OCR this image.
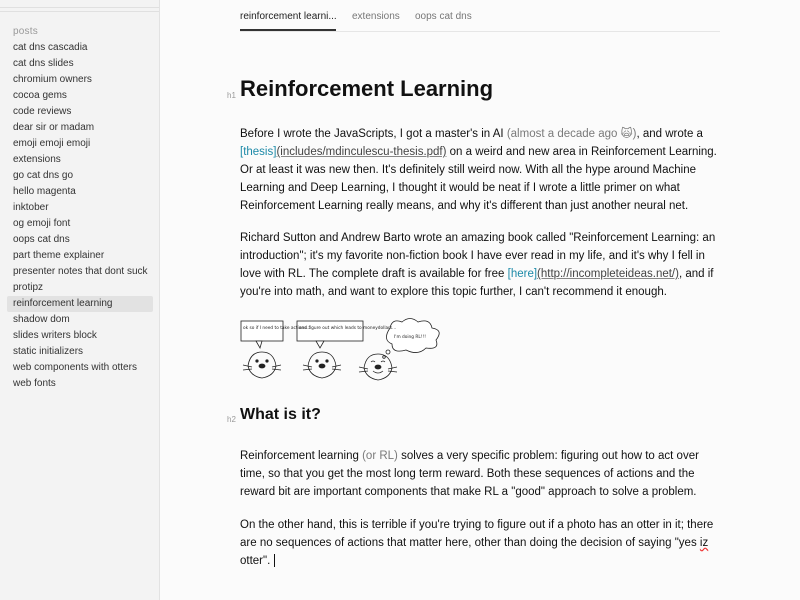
posts
cat dns cascadia
cat dns slides
chromium owners
cocoa gems
code reviews
dear sir or madam
emoji emoji emoji
extensions
go cat dns go
hello magenta
inktober
og emoji font
oops cat dns
part theme explainer
presenter notes that dont suck
protipz
reinforcement learning
shadow dom
slides writers block
static initializers
web components with otters
web fonts
reinforcement learni... extensions oops cat dns
h1
h2
Reinforcement Learning

Before I wrote the JavaScripts, I got a master's in AI (almost a decade ago 🙀), and wrote a [thesis](includes/mdinculescu-thesis.pdf) on a weird and new area in Reinforcement Learning. Or at least it was new then. It's definitely still weird now. With all the hype around Machine Learning and Deep Learning, I thought it would be neat if I wrote a little primer on what Reinforcement Learning really means, and why it's different than just another neural net.

Richard Sutton and Andrew Barto wrote an amazing book called "Reinforcement Learning: an introduction"; it's my favorite non-fiction book I have ever read in my life, and it's why I fell in love with RL. The complete draft is available for free [here](http://incompleteideas.net/), and if you're into math, and want to explore this topic further, I can't recommend it enough.

What is it?

Reinforcement learning (or RL) solves a very specific problem: figuring out how to act over time, so that you get the most long term reward. Both these sequences of actions and the reward bit are important components that make RL a "good" approach to solve a problem.

On the other hand, this is terrible if you're trying to figure out if a photo has an otter in it; there are no sequences of actions that matter here, other than doing the decision of saying "yes iz otter".

ok so if I need to take actions...
and figure out which leads to moneydollars...
I'm doing RL!!!
